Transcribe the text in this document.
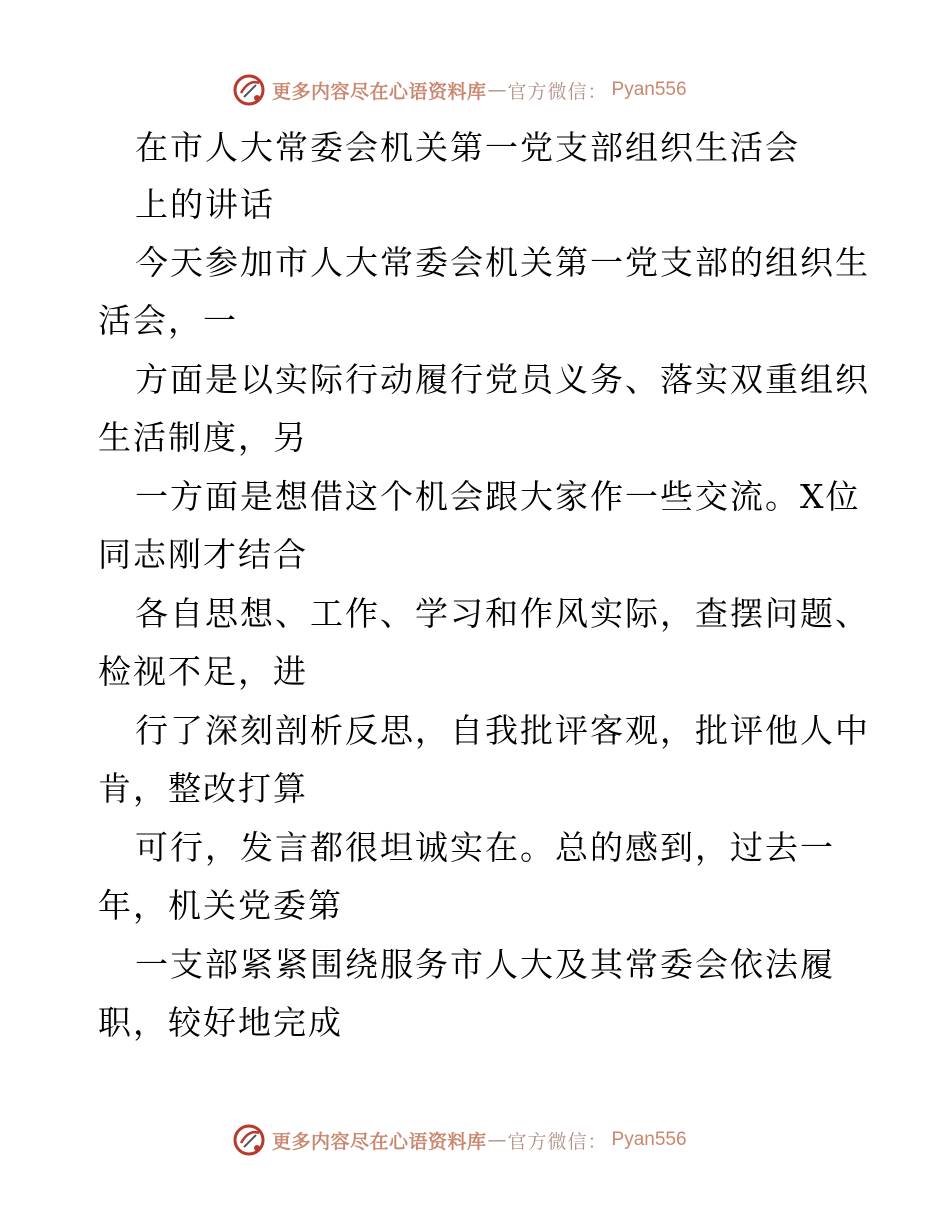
更多内容尽在心语资料库 — 官方微信： Pyan556
在市人大常委会机关第一党支部组织生活会
上的讲话
今天参加市人大常委会机关第一党支部的组织生
活会，一
方面是以实际行动履行党员义务、落实双重组织
生活制度，另
一方面是想借这个机会跟大家作一些交流。X位
同志刚才结合
各自思想、工作、学习和作风实际，查摆问题、
检视不足，进
行了深刻剖析反思，自我批评客观，批评他人中
肯，整改打算
可行，发言都很坦诚实在。总的感到，过去一
年，机关党委第
一支部紧紧围绕服务市人大及其常委会依法履
职，较好地完成
更多内容尽在心语资料库 — 官方微信： Pyan556
